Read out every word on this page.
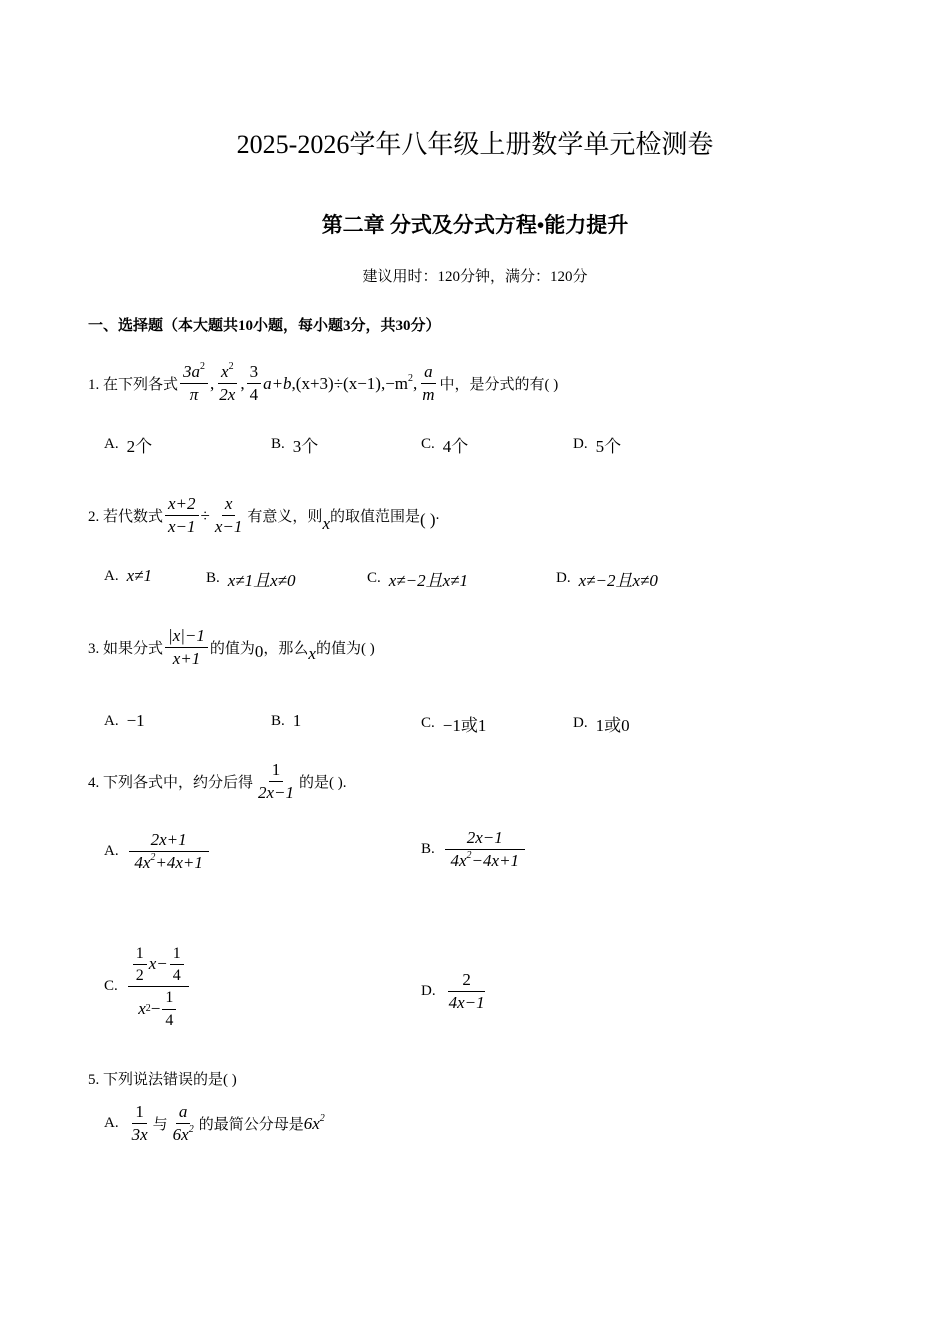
2025-2026学年八年级上册数学单元检测卷
第二章 分式及分式方程•能力提升
建议用时：120分钟，满分：120分
一、选择题（本大题共10小题，每小题3分，共30分）
1. 在下列各式 $\frac{3a^2}{\pi}$ , $\frac{x^2}{2x}$ , $\frac{3}{4} a+b$ , (x+3)÷(x−1) , $-m^2$ , $\frac{a}{m}$ 中，是分式的有( )
A. 2个	B. 3个	C. 4个	D. 5个
2. 若代数式 $\frac{x+2}{x-1} \div \frac{x}{x-1}$ 有意义，则 x 的取值范围是 ( ) .
A. x≠1	B. x≠1且x≠0	C. x≠−2且x≠1	D. x≠−2且x≠0
3. 如果分式 $\frac{|x|-1}{x+1}$ 的值为 0 ，那么 x 的值为( )
A. −1	B. 1	C. −1或1	D. 1或0
4. 下列各式中，约分后得 $\frac{1}{2x-1}$ 的是( ).
A. $\frac{2x+1}{4x^2+4x+1}$	B. $\frac{2x-1}{4x^2-4x+1}$
C. $\frac{\frac{1}{2} x- \frac{1}{4}}{x 2 - \frac{1}{4}}$	D. $\frac{2}{4x-1}$
5. 下列说法错误的是( )
A. $\frac{1}{3x}$ 与 $\frac{a}{6x^2}$ 的最简公分母是 $6x^2$
